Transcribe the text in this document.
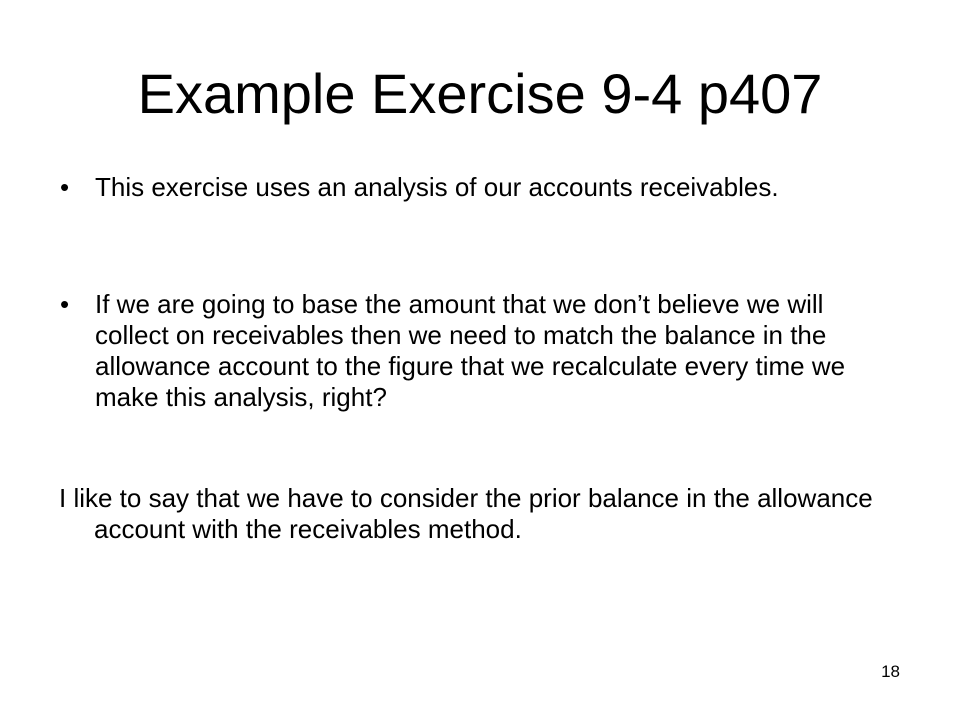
Example Exercise 9-4 p407
• This exercise uses an analysis of our accounts receivables.
• If we are going to base the amount that we don’t believe we will collect on receivables then we need to match the balance in the allowance account to the figure that we recalculate every time we make this analysis, right?
I like to say that we have to consider the prior balance in the allowance account with the receivables method.
18
